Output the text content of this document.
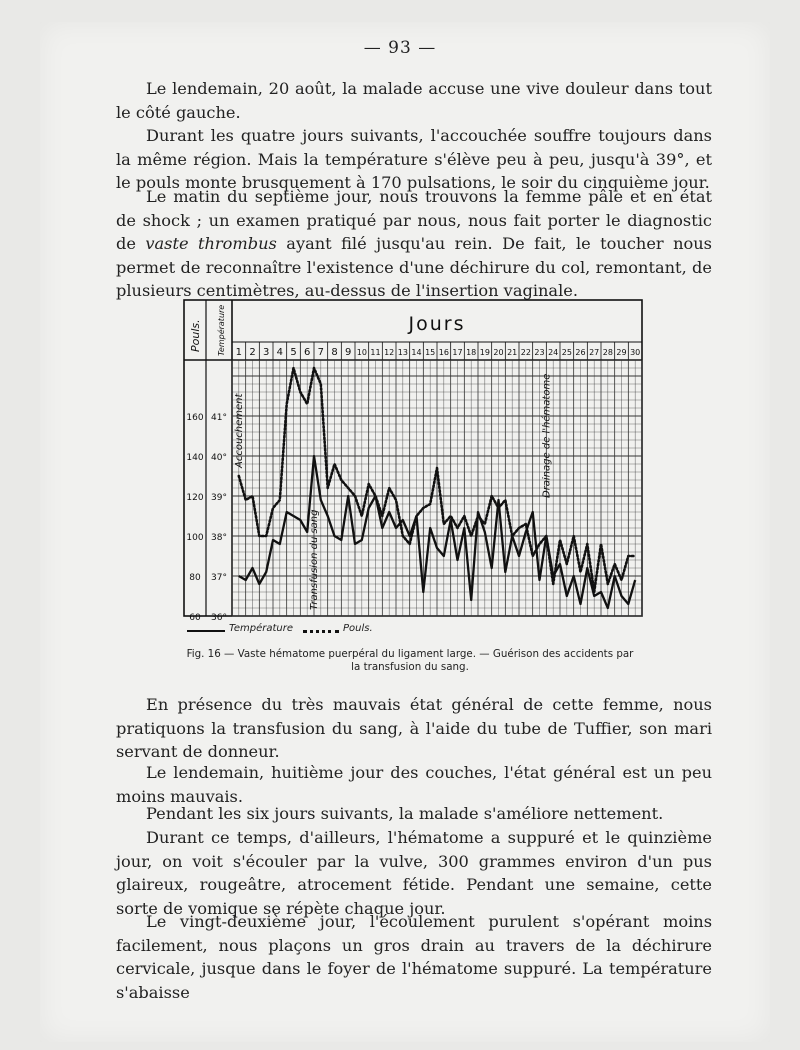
— 93 —

Le lendemain, 20 août, la malade accuse une vive douleur dans tout le côté gauche.

Durant les quatre jours suivants, l'accouchée souffre toujours dans la même région. Mais la température s'élève peu à peu, jusqu'à 39°, et le pouls monte brusquement à 170 pulsations, le soir du cinquième jour.

Le matin du septième jour, nous trouvons la femme pâle et en état de shock ; un examen pratiqué par nous, nous fait porter le diagnostic de vaste thrombus ayant filé jusqu'au rein. De fait, le toucher nous permet de reconnaître l'existence d'une déchirure du col, remontant, de plusieurs centimètres, au-dessus de l'insertion vaginale.

Jours
Pouls. Température 1 2 3 4 5 6 7 8 9 10 11 12 13 14 15 16 17 18 19 20 21 22 23 24 25 26 27 28 29 30
160
140
120
100
80
60
41°
40°
39°
38°
37°
36°
Accouchement
Transfusion du sang
Drainage de l'hématome
Température	Pouls.
Fig. 16 — Vaste hématome puerpéral du ligament large. — Guérison des accidents par
la transfusion du sang.

En présence du très mauvais état général de cette femme, nous pratiquons la transfusion du sang, à l'aide du tube de Tuffier, son mari servant de donneur.

Le lendemain, huitième jour des couches, l'état général est un peu moins mauvais.

Pendant les six jours suivants, la malade s'améliore nettement.

Durant ce temps, d'ailleurs, l'hématome a suppuré et le quinzième jour, on voit s'écouler par la vulve, 300 grammes environ d'un pus glaireux, rougeâtre, atrocement fétide. Pendant une semaine, cette sorte de vomique se répète chaque jour.

Le vingt-deuxième jour, l'écoulement purulent s'opérant moins facilement, nous plaçons un gros drain au travers de la déchirure cervicale, jusque dans le foyer de l'hématome suppuré. La température s'abaisse
